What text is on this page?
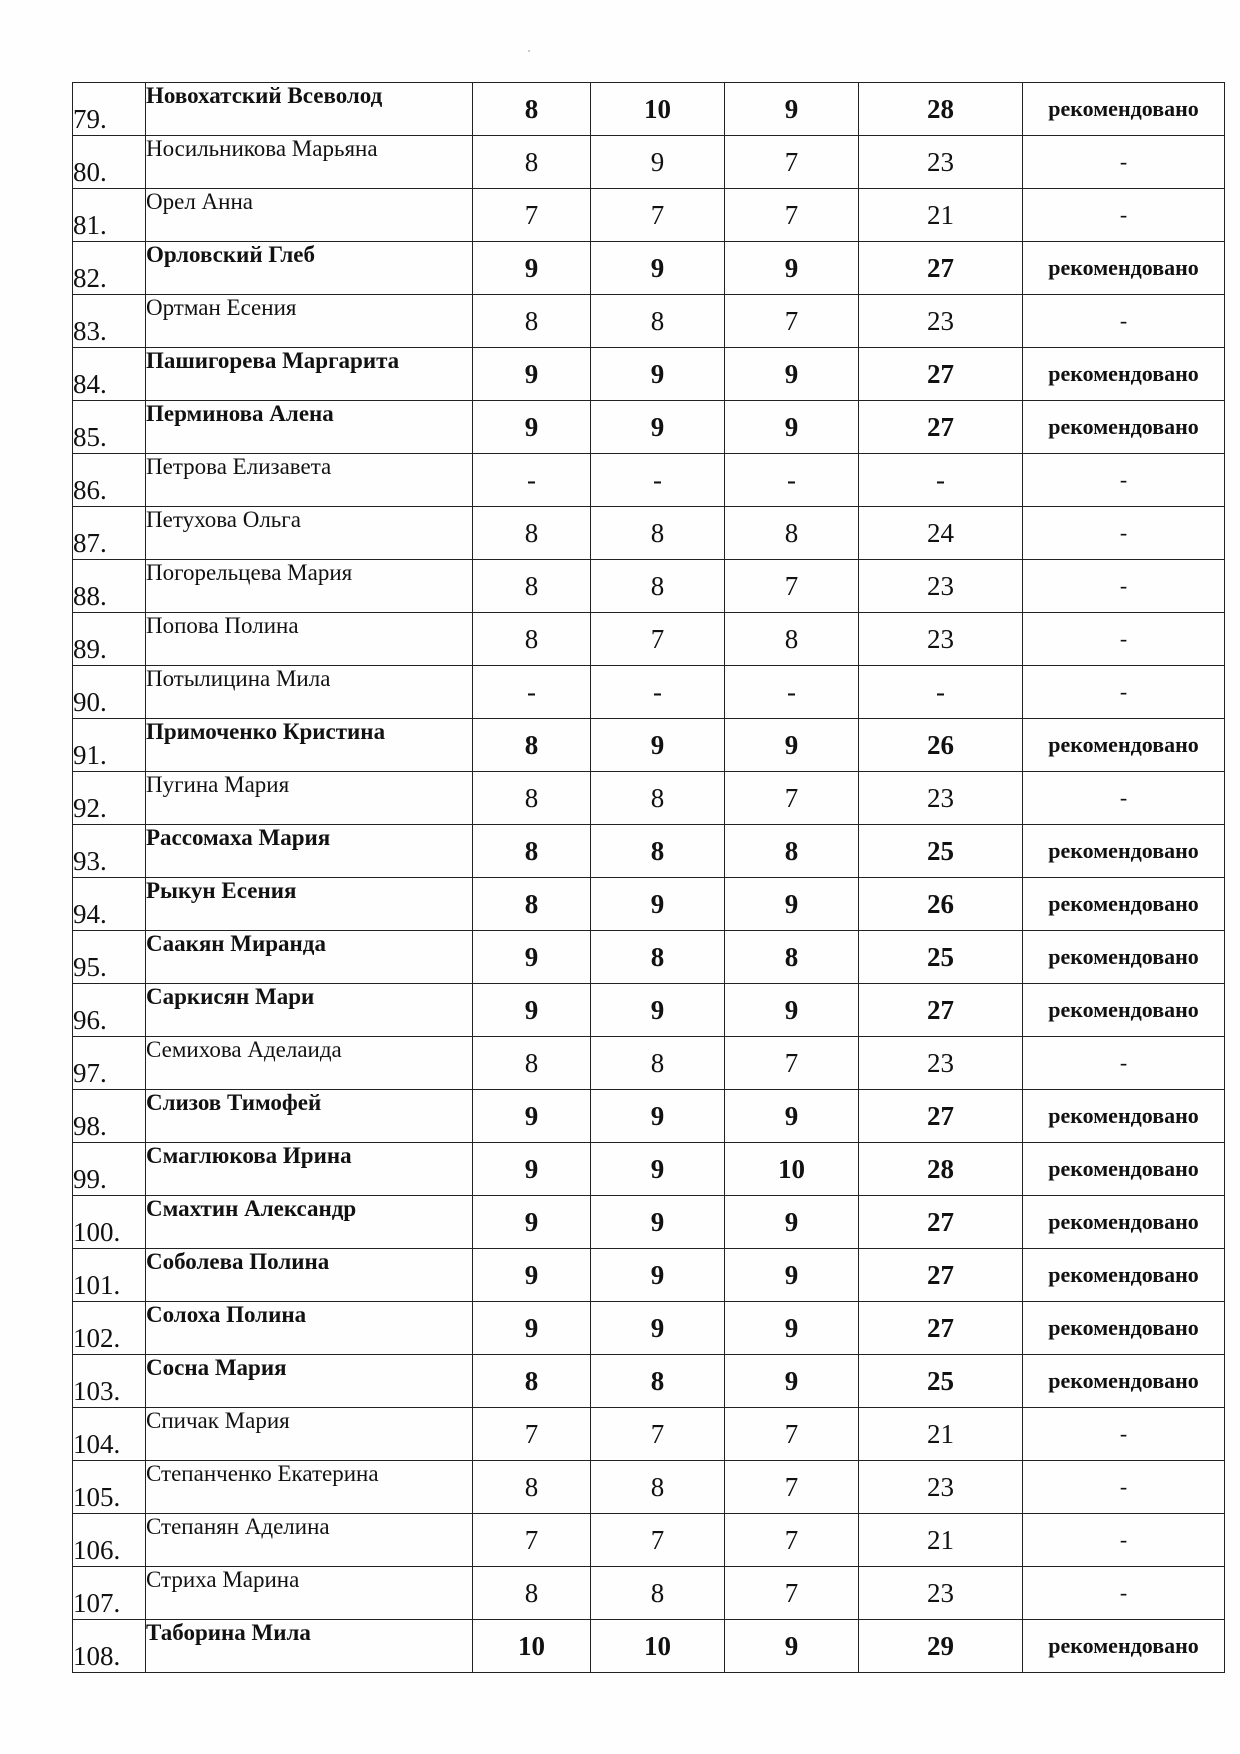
79.	Новохатский Всеволод	8	10	9	28	рекомендовано
80.	Носильникова Марьяна	8	9	7	23	-
81.	Орел Анна	7	7	7	21	-
82.	Орловский Глеб	9	9	9	27	рекомендовано
83.	Ортман Есения	8	8	7	23	-
84.	Пашигорева Маргарита	9	9	9	27	рекомендовано
85.	Перминова Алена	9	9	9	27	рекомендовано
86.	Петрова Елизавета	-	-	-	-	-
87.	Петухова Ольга	8	8	8	24	-
88.	Погорельцева Мария	8	8	7	23	-
89.	Попова Полина	8	7	8	23	-
90.	Потылицина Мила	-	-	-	-	-
91.	Примоченко Кристина	8	9	9	26	рекомендовано
92.	Пугина Мария	8	8	7	23	-
93.	Рассомаха Мария	8	8	8	25	рекомендовано
94.	Рыкун Есения	8	9	9	26	рекомендовано
95.	Саакян Миранда	9	8	8	25	рекомендовано
96.	Саркисян Мари	9	9	9	27	рекомендовано
97.	Семихова Аделаида	8	8	7	23	-
98.	Слизов Тимофей	9	9	9	27	рекомендовано
99.	Смаглюкова Ирина	9	9	10	28	рекомендовано
100.	Смахтин Александр	9	9	9	27	рекомендовано
101.	Соболева Полина	9	9	9	27	рекомендовано
102.	Солоха Полина	9	9	9	27	рекомендовано
103.	Сосна Мария	8	8	9	25	рекомендовано
104.	Спичак Мария	7	7	7	21	-
105.	Степанченко Екатерина	8	8	7	23	-
106.	Степанян Аделина	7	7	7	21	-
107.	Стриха Марина	8	8	7	23	-
108.	Таборина Мила	10	10	9	29	рекомендовано
